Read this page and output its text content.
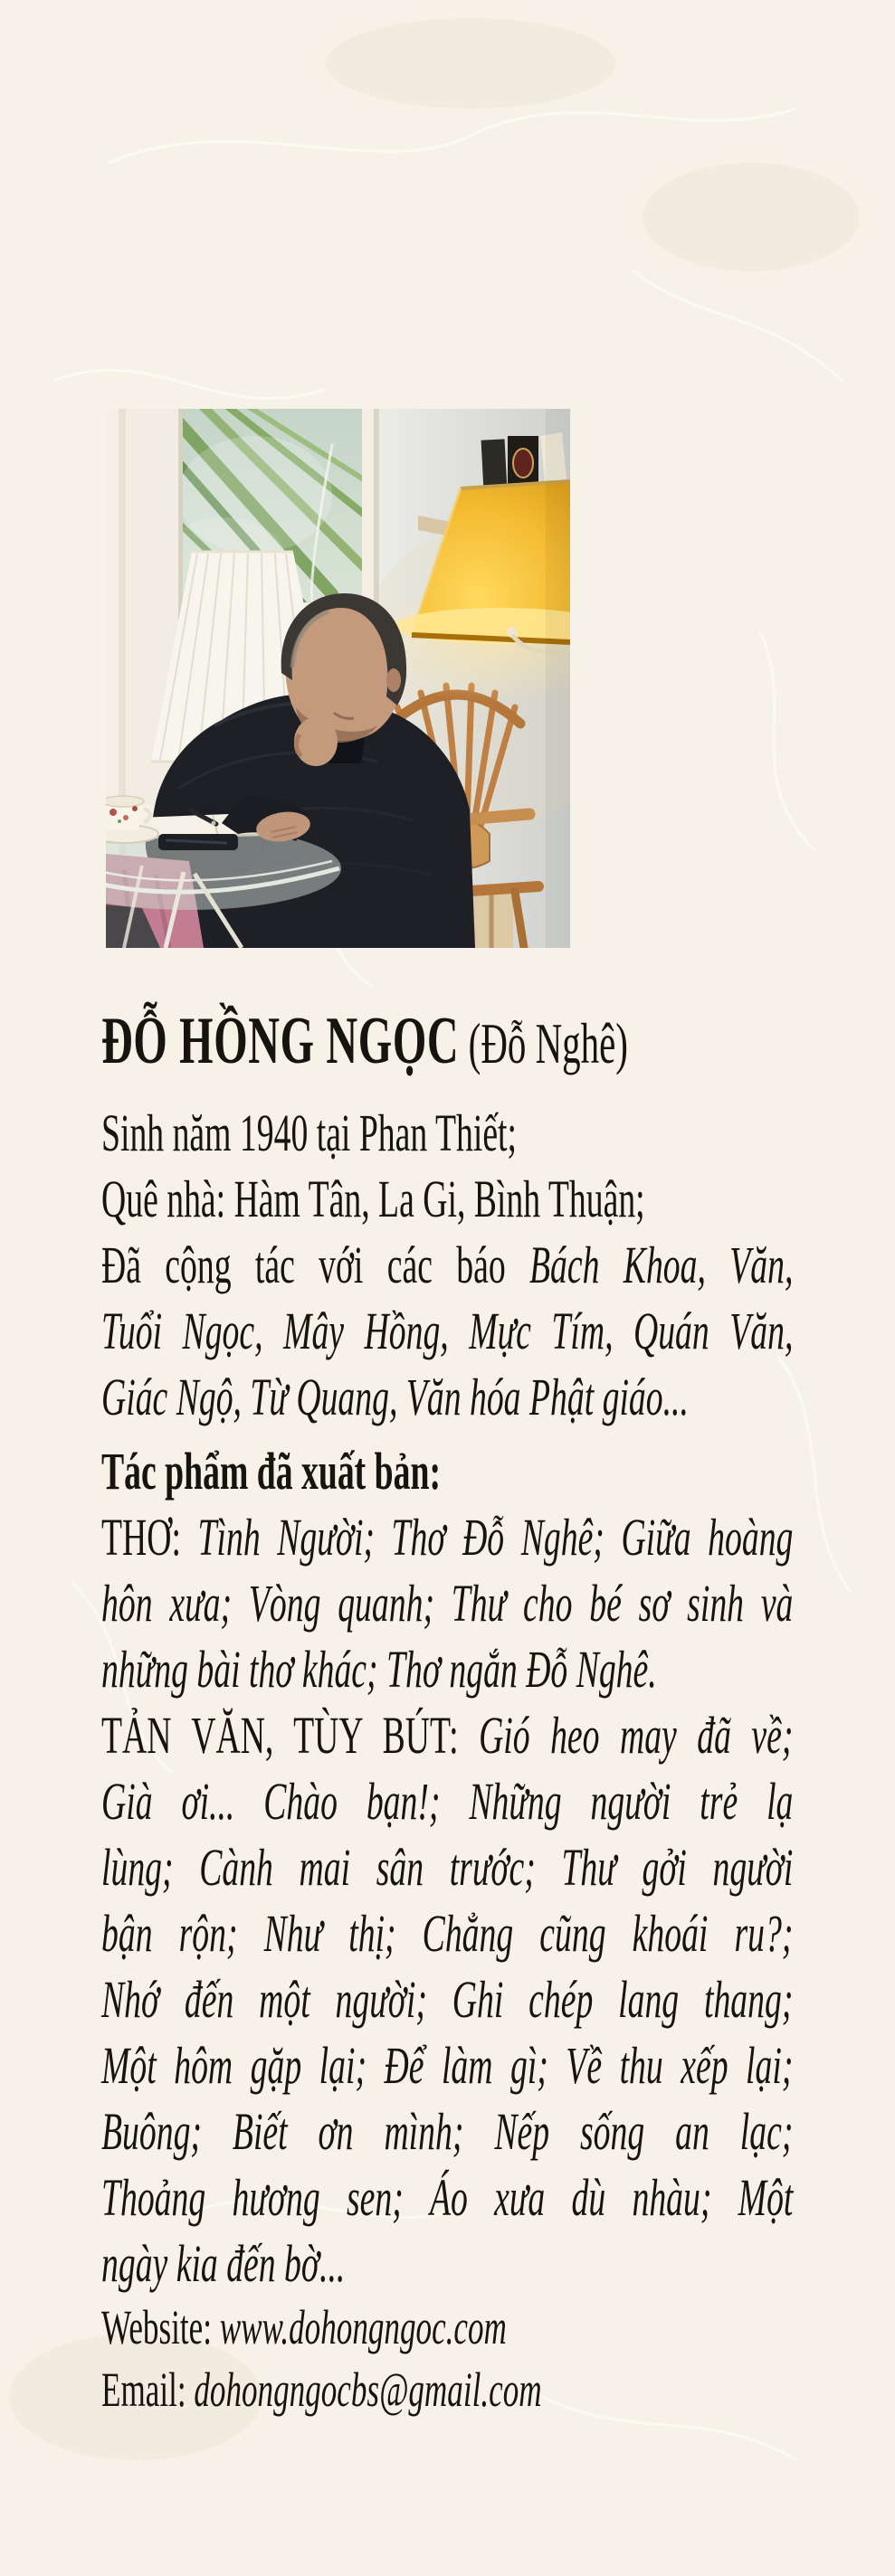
ĐỖ HỒNG NGỌC (Đỗ Nghê)
Sinh năm 1940 tại Phan Thiết;
Quê nhà: Hàm Tân, La Gi, Bình Thuận;
Đã cộng tác với các báo Bách Khoa, Văn,
Tuổi Ngọc, Mây Hồng, Mực Tím, Quán Văn,
Giác Ngộ, Từ Quang, Văn hóa Phật giáo...
Tác phẩm đã xuất bản:
THƠ: Tình Người; Thơ Đỗ Nghê; Giữa hoàng
hôn xưa; Vòng quanh; Thư cho bé sơ sinh và
những bài thơ khác; Thơ ngắn Đỗ Nghê.
TẢN VĂN, TÙY BÚT: Gió heo may đã về;
Già ơi... Chào bạn!; Những người trẻ lạ
lùng; Cành mai sân trước; Thư gởi người
bận rộn; Như thị; Chẳng cũng khoái ru?;
Nhớ đến một người; Ghi chép lang thang;
Một hôm gặp lại; Để làm gì; Về thu xếp lại;
Buông; Biết ơn mình; Nếp sống an lạc;
Thoảng hương sen; Áo xưa dù nhàu; Một
ngày kia đến bờ...
Website: www.dohongngoc.com
Email: dohongngocbs@gmail.com
